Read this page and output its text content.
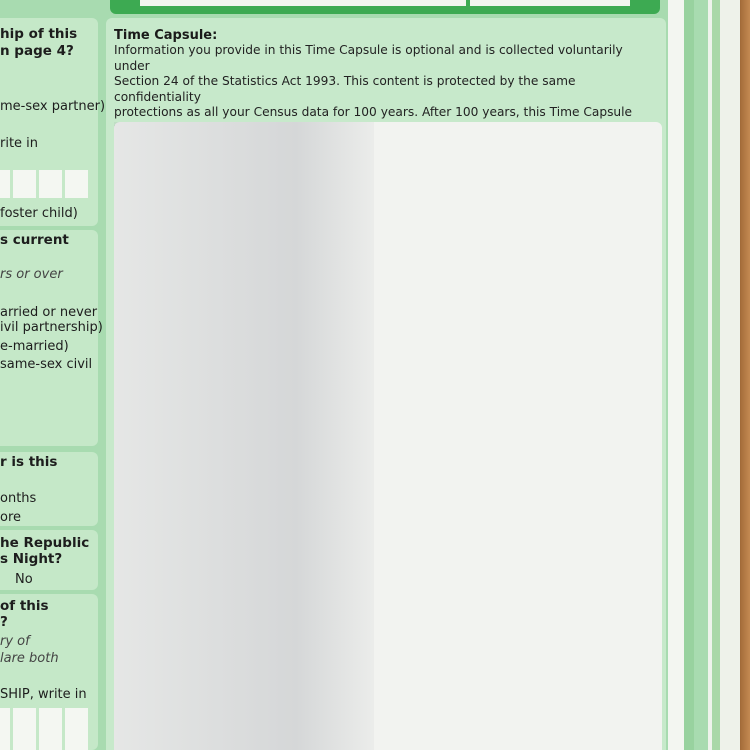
hip of this
n page 4?
me-sex partner)
rite in
foster child)
s current
rs or over
arried or never
ivil partnership)
e-married)
same-sex civil
r is this
onths
ore
he Republic
s Night?
No
of this
?
ry of
lare both
SHIP, write in
Time Capsule:
Information you provide in this Time Capsule is optional and is collected voluntarily under
Section 24 of the Statistics Act 1993. This content is protected by the same confidentiality
protections as all your Census data for 100 years. After 100 years, this Time Capsule
